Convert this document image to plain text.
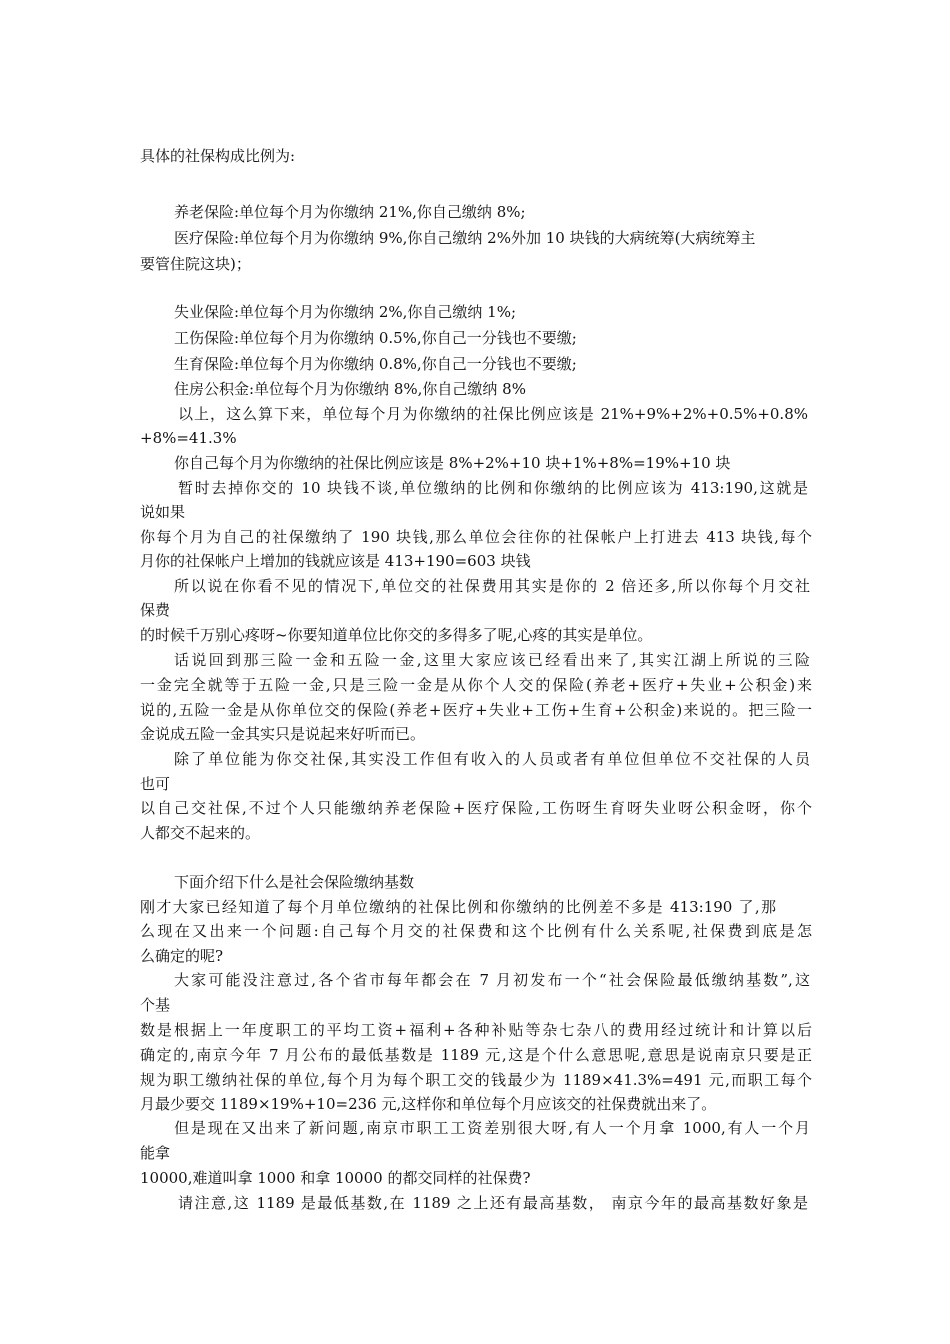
具体的社保构成比例为:
养老保险:单位每个月为你缴纳 21%,你自己缴纳 8%;
医疗保险:单位每个月为你缴纳 9%,你自己缴纳 2%外加 10 块钱的大病统筹(大病统筹主
要管住院这块)；
失业保险:单位每个月为你缴纳 2%,你自己缴纳 1%;
工伤保险:单位每个月为你缴纳 0.5%,你自己一分钱也不要缴;
生育保险:单位每个月为你缴纳 0.8%,你自己一分钱也不要缴;
住房公积金:单位每个月为你缴纳 8%,你自己缴纳 8%
以上，这么算下来，单位每个月为你缴纳的社保比例应该是 21%+9%+2%+0.5%+0.8%
+8%=41.3%
你自己每个月为你缴纳的社保比例应该是 8%+2%+10 块+1%+8%=19%+10 块
暂时去掉你交的 10 块钱不谈,单位缴纳的比例和你缴纳的比例应该为 413:190,这就是
说如果
你每个月为自己的社保缴纳了 190 块钱,那么单位会往你的社保帐户上打进去 413 块钱,每个
月你的社保帐户上增加的钱就应该是 413+190=603 块钱
所以说在你看不见的情况下,单位交的社保费用其实是你的 2 倍还多,所以你每个月交社
保费
的时候千万别心疼呀~你要知道单位比你交的多得多了呢,心疼的其实是单位。
话说回到那三险一金和五险一金,这里大家应该已经看出来了,其实江湖上所说的三险
一金完全就等于五险一金,只是三险一金是从你个人交的保险(养老+医疗+失业+公积金)来
说的,五险一金是从你单位交的保险(养老+医疗+失业+工伤+生育+公积金)来说的。把三险一
金说成五险一金其实只是说起来好听而已。
除了单位能为你交社保,其实没工作但有收入的人员或者有单位但单位不交社保的人员
也可
以自己交社保,不过个人只能缴纳养老保险+医疗保险,工伤呀生育呀失业呀公积金呀，你个
人都交不起来的。
下面介绍下什么是社会保险缴纳基数
刚才大家已经知道了每个月单位缴纳的社保比例和你缴纳的比例差不多是 413:190 了,那
么现在又出来一个问题:自己每个月交的社保费和这个比例有什么关系呢,社保费到底是怎
么确定的呢?
大家可能没注意过,各个省市每年都会在 7 月初发布一个“社会保险最低缴纳基数”,这
个基
数是根据上一年度职工的平均工资+福利+各种补贴等杂七杂八的费用经过统计和计算以后
确定的,南京今年 7 月公布的最低基数是 1189 元,这是个什么意思呢,意思是说南京只要是正
规为职工缴纳社保的单位,每个月为每个职工交的钱最少为 1189×41.3%=491 元,而职工每个
月最少要交 1189×19%+10=236 元,这样你和单位每个月应该交的社保费就出来了。
但是现在又出来了新问题,南京市职工工资差别很大呀,有人一个月拿 1000,有人一个月
能拿
10000,难道叫拿 1000 和拿 10000 的都交同样的社保费?
请注意,这 1189 是最低基数,在 1189 之上还有最高基数， 南京今年的最高基数好象是
